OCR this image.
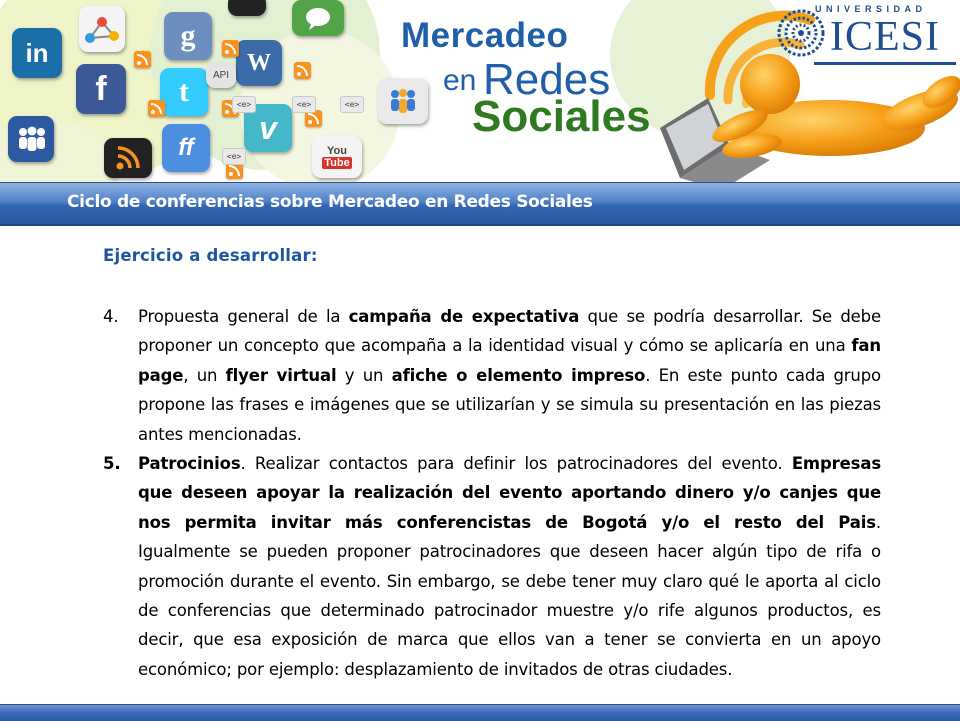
in
g
W
f	t	API
v
ff	You
Tube
<e>	<e>	<e>
<e>
Mercadeo
en Redes
Sociales
UNIVERSIDAD
ICESI
Ciclo de conferencias sobre Mercadeo en Redes Sociales
Ejercicio a desarrollar:
4. Propuesta general de la campaña de expectativa que se podría desarrollar. Se debe proponer un concepto que acompaña a la identidad visual y cómo se aplicaría en una fan page, un flyer virtual y un afiche o elemento impreso. En este punto cada grupo propone las frases e imágenes que se utilizarían y se simula su presentación en las piezas antes mencionadas.
5. Patrocinios. Realizar contactos para definir los patrocinadores del evento. Empresas que deseen apoyar la realización del evento aportando dinero y/o canjes que nos permita invitar más conferencistas de Bogotá y/o el resto del Pais. Igualmente se pueden proponer patrocinadores que deseen hacer algún tipo de rifa o promoción durante el evento. Sin embargo, se debe tener muy claro qué le aporta al ciclo de conferencias que determinado patrocinador muestre y/o rife algunos productos, es decir, que esa exposición de marca que ellos van a tener se convierta en un apoyo económico; por ejemplo: desplazamiento de invitados de otras ciudades.
